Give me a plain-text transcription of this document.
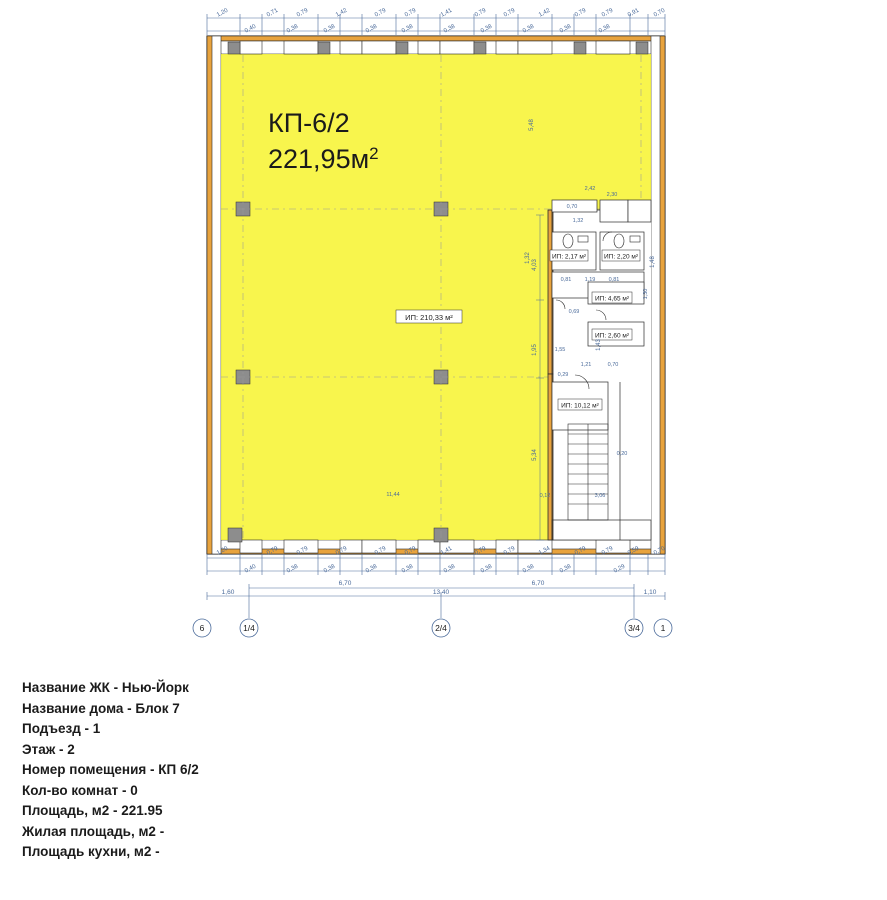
1,20	0,71	0,79	1,42	0,79	0,79	1,41	0,79	0,79	1,42	0,79 0,79 0,91 0,70
0,40	0,38	0,38	0,38	0,38	0,38	0,38	0,38	0,38	0,38
КП-6/2
$221,95м^2$
ИП: 210,33 м²
ИП: 2,17 м²	ИП: 2,20 м²
ИП: 4,65 м²
ИП: 2,60 м²
ИП: 10,12 м²
2,42
0,70
1,32
2,30
0,81 1,19 0,81
0,69
1,21	0,70
1,55
0,12	3,06
0,20
0,29
1,30
11,44
4,03
1,95
5,34
5,48
1,32	1,48
1,43
1,20	0,79	0,79	0,79	0,79	0,79	1,41	0,79	0,79	1,34	0,79 0,79 0,59 0,70
0,40	0,38	0,38	0,38	0,38	0,38	0,38	0,38	0,38	0,29
1,60
6,70
13,40
6,70
1,10
6	1/4	2/4	3/4 1
Название ЖК - Нью-Йорк
Название дома - Блок 7
Подъезд - 1
Этаж - 2
Номер помещения - КП 6/2
Кол-во комнат - 0
Площадь, м2 - 221.95
Жилая площадь, м2 -
Площадь кухни, м2 -
